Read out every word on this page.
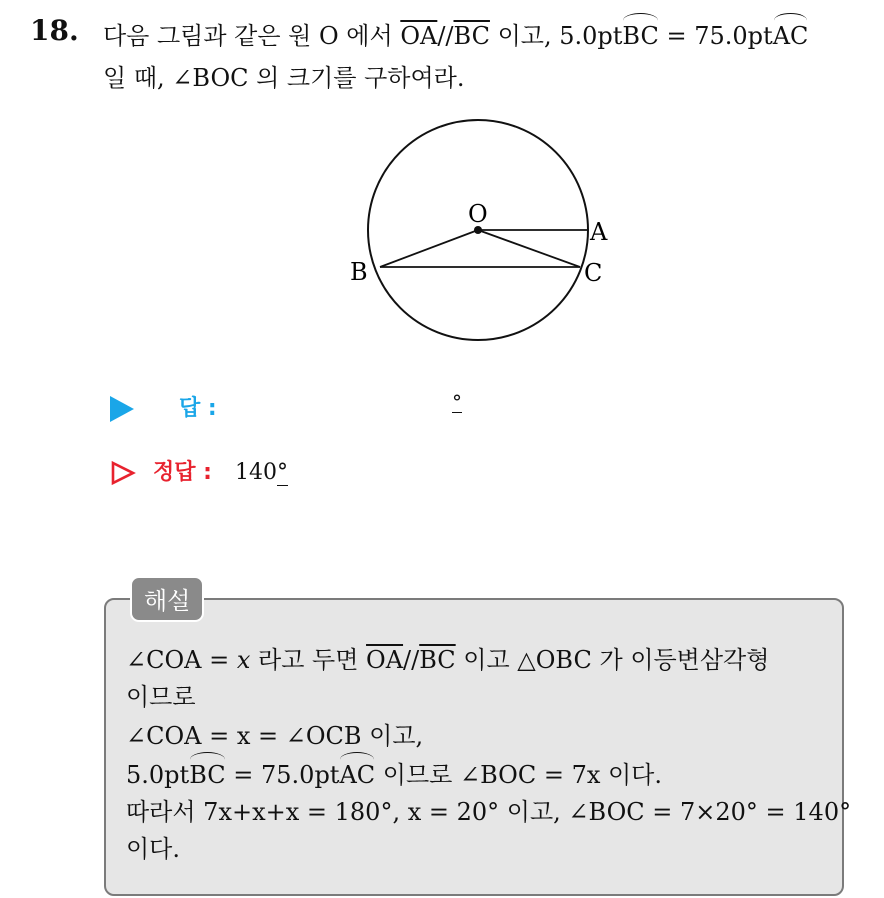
18. 다음 그림과 같은 원 O 에서 $\overline{OA}//\overline{BC}$ 이고, 5.0ptBC = 75.0ptAC
일 때, ∠BOC 의 크기를 구하여라.
O
A
B	C
답 :	°
정답 : 140°
해설
∠COA = x 라고 두면 $\overline{OA}//\overline{BC}$ 이고 △OBC 가 이등변삼각형
이므로
∠COA = x = ∠OCB 이고,
5.0ptBC = 75.0ptAC 이므로 ∠BOC = 7x 이다.
따라서 7x+x+x = 180°, x = 20° 이고, ∠BOC = 7×20° = 140°
이다.
